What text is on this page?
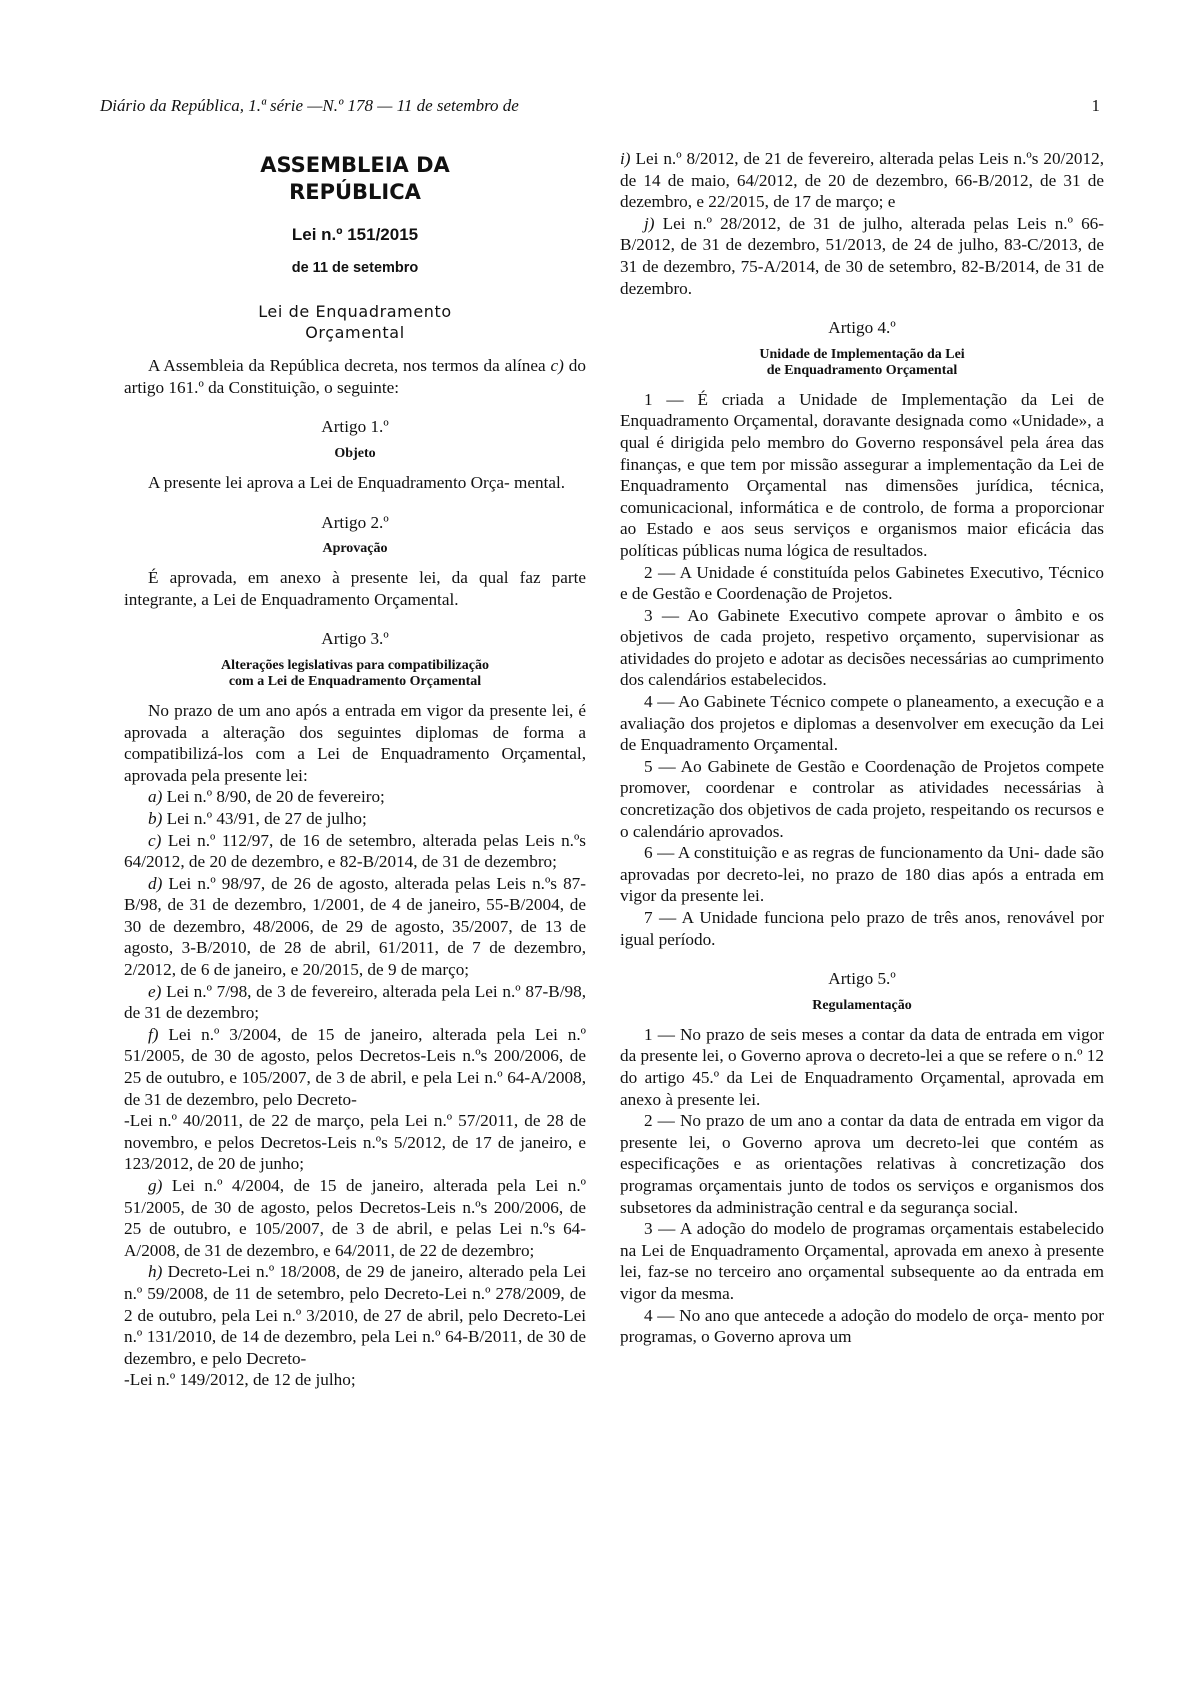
Diário da República, 1.ª série —N.º 178 — 11 de setembro de	1

ASSEMBLEIA DA
REPÚBLICA

Lei n.º 151/2015

de 11 de setembro

Lei de Enquadramento
Orçamental

A Assembleia da República decreta, nos termos da alínea c) do artigo 161.º da Constituição, o seguinte:

Artigo 1.º

Objeto

A presente lei aprova a Lei de Enquadramento Orça- mental.

Artigo 2.º

Aprovação

É aprovada, em anexo à presente lei, da qual faz parte integrante, a Lei de Enquadramento Orçamental.

Artigo 3.º

Alterações legislativas para compatibilização
com a Lei de Enquadramento Orçamental

No prazo de um ano após a entrada em vigor da presente lei, é aprovada a alteração dos seguintes diplomas de forma a compatibilizá-los com a Lei de Enquadramento Orçamental, aprovada pela presente lei:

a) Lei n.º 8/90, de 20 de fevereiro;

b) Lei n.º 43/91, de 27 de julho;

c) Lei n.º 112/97, de 16 de setembro, alterada pelas Leis n.ºs 64/2012, de 20 de dezembro, e 82-B/2014, de 31 de dezembro;

d) Lei n.º 98/97, de 26 de agosto, alterada pelas Leis n.ºs 87-B/98, de 31 de dezembro, 1/2001, de 4 de janeiro, 55-B/2004, de 30 de dezembro, 48/2006, de 29 de agosto, 35/2007, de 13 de agosto, 3-B/2010, de 28 de abril, 61/2011, de 7 de dezembro, 2/2012, de 6 de janeiro, e 20/2015, de 9 de março;

e) Lei n.º 7/98, de 3 de fevereiro, alterada pela Lei n.º 87-B/98, de 31 de dezembro;

f) Lei n.º 3/2004, de 15 de janeiro, alterada pela Lei n.º 51/2005, de 30 de agosto, pelos Decretos-Leis n.ºs 200/2006, de 25 de outubro, e 105/2007, de 3 de abril, e pela Lei n.º 64-A/2008, de 31 de dezembro, pelo Decreto-

-Lei n.º 40/2011, de 22 de março, pela Lei n.º 57/2011, de 28 de novembro, e pelos Decretos-Leis n.ºs 5/2012, de 17 de janeiro, e 123/2012, de 20 de junho;

g) Lei n.º 4/2004, de 15 de janeiro, alterada pela Lei n.º 51/2005, de 30 de agosto, pelos Decretos-Leis n.ºs 200/2006, de 25 de outubro, e 105/2007, de 3 de abril, e pelas Lei n.ºs 64-A/2008, de 31 de dezembro, e 64/2011, de 22 de dezembro;

h) Decreto-Lei n.º 18/2008, de 29 de janeiro, alterado pela Lei n.º 59/2008, de 11 de setembro, pelo Decreto-Lei n.º 278/2009, de 2 de outubro, pela Lei n.º 3/2010, de 27 de abril, pelo Decreto-Lei n.º 131/2010, de 14 de dezembro, pela Lei n.º 64-B/2011, de 30 de dezembro, e pelo Decreto-

-Lei n.º 149/2012, de 12 de julho;

i) Lei n.º 8/2012, de 21 de fevereiro, alterada pelas Leis n.ºs 20/2012, de 14 de maio, 64/2012, de 20 de dezembro, 66-B/2012, de 31 de dezembro, e 22/2015, de 17 de março; e

j) Lei n.º 28/2012, de 31 de julho, alterada pelas Leis n.º 66-B/2012, de 31 de dezembro, 51/2013, de 24 de julho, 83-C/2013, de 31 de dezembro, 75-A/2014, de 30 de setembro, 82-B/2014, de 31 de dezembro.

Artigo 4.º

Unidade de Implementação da Lei
de Enquadramento Orçamental

1 — É criada a Unidade de Implementação da Lei de Enquadramento Orçamental, doravante designada como «Unidade», a qual é dirigida pelo membro do Governo responsável pela área das finanças, e que tem por missão assegurar a implementação da Lei de Enquadramento Orçamental nas dimensões jurídica, técnica, comunicacional, informática e de controlo, de forma a proporcionar ao Estado e aos seus serviços e organismos maior eficácia das políticas públicas numa lógica de resultados.

2 — A Unidade é constituída pelos Gabinetes Executivo, Técnico e de Gestão e Coordenação de Projetos.

3 — Ao Gabinete Executivo compete aprovar o âmbito e os objetivos de cada projeto, respetivo orçamento, supervisionar as atividades do projeto e adotar as decisões necessárias ao cumprimento dos calendários estabelecidos.

4 — Ao Gabinete Técnico compete o planeamento, a execução e a avaliação dos projetos e diplomas a desenvolver em execução da Lei de Enquadramento Orçamental.

5 — Ao Gabinete de Gestão e Coordenação de Projetos compete promover, coordenar e controlar as atividades necessárias à concretização dos objetivos de cada projeto, respeitando os recursos e o calendário aprovados.

6 — A constituição e as regras de funcionamento da Uni- dade são aprovadas por decreto-lei, no prazo de 180 dias após a entrada em vigor da presente lei.

7 — A Unidade funciona pelo prazo de três anos, renovável por igual período.

Artigo 5.º

Regulamentação

1 — No prazo de seis meses a contar da data de entrada em vigor da presente lei, o Governo aprova o decreto-lei a que se refere o n.º 12 do artigo 45.º da Lei de Enquadramento Orçamental, aprovada em anexo à presente lei.

2 — No prazo de um ano a contar da data de entrada em vigor da presente lei, o Governo aprova um decreto-lei que contém as especificações e as orientações relativas à concretização dos programas orçamentais junto de todos os serviços e organismos dos subsetores da administração central e da segurança social.

3 — A adoção do modelo de programas orçamentais estabelecido na Lei de Enquadramento Orçamental, aprovada em anexo à presente lei, faz-se no terceiro ano orçamental subsequente ao da entrada em vigor da mesma.

4 — No ano que antecede a adoção do modelo de orça- mento por programas, o Governo aprova um
